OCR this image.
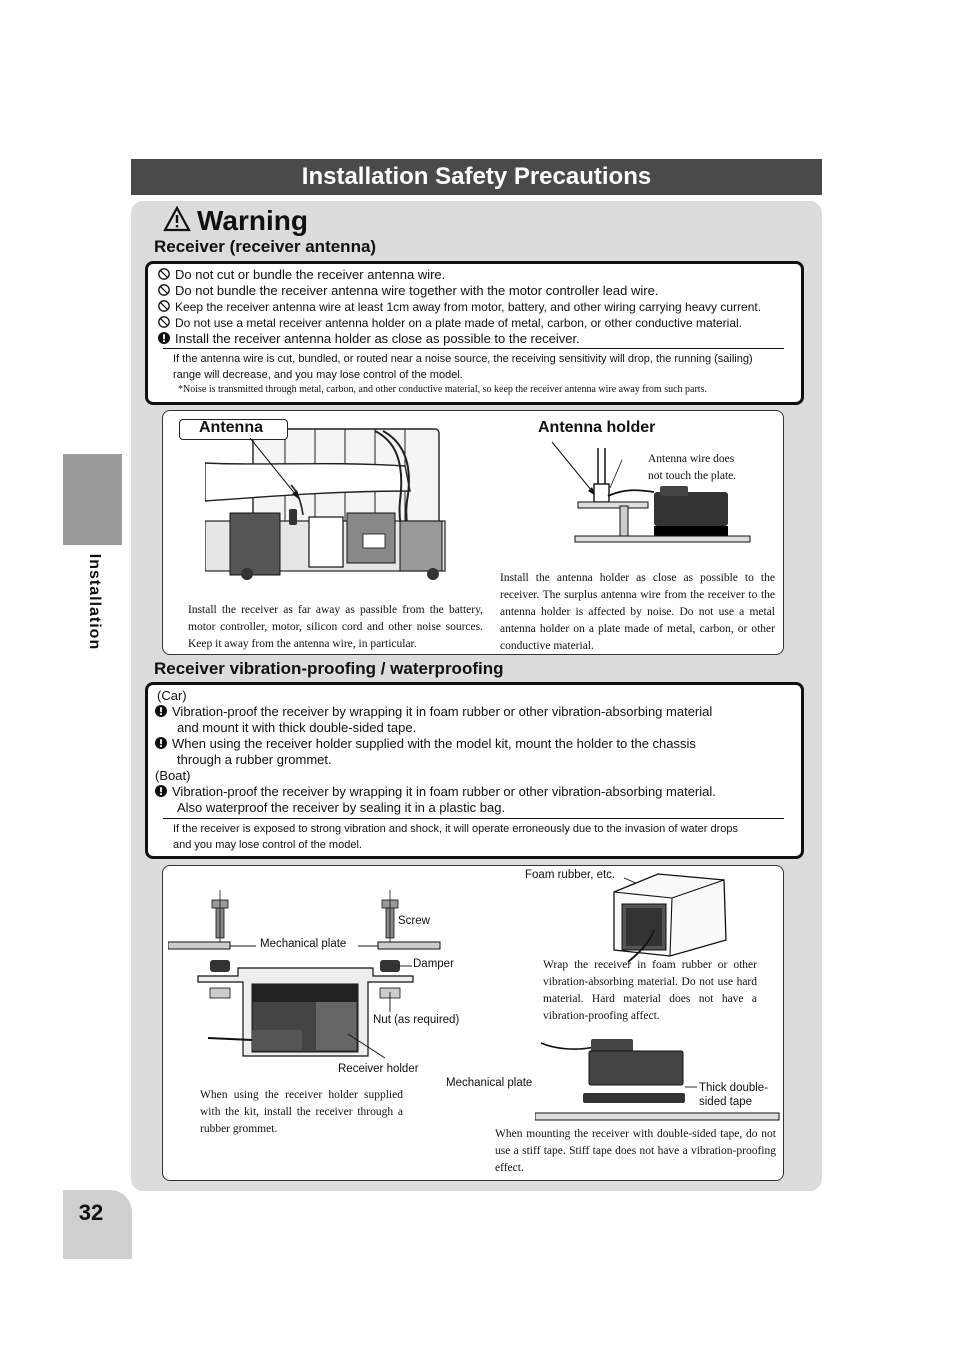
Installation Safety Precautions
Installation
Warning
Receiver (receiver antenna)
Do not cut or bundle the receiver antenna wire.
Do not bundle the receiver antenna wire together with the motor controller lead wire.
Keep the receiver antenna wire at least 1cm away from motor, battery, and other wiring carrying heavy current.
Do not use a metal receiver antenna holder on a plate made of metal, carbon, or other conductive material.
Install the receiver antenna holder as close as possible to the receiver.
If the antenna wire is cut, bundled, or routed near a noise source, the receiving sensitivity will drop, the running (sailing)
range will decrease, and you may lose control of the model.
*Noise is transmitted through metal, carbon, and other conductive material, so keep the receiver antenna wire away from such parts.
Antenna
Install the receiver as far away as passible from the battery, motor controller, motor, silicon cord and other noise sources. Keep it away from the antenna wire, in particular.
Antenna holder
Antenna wire does not touch the plate.
Install the antenna holder as close as possible to the receiver. The surplus antenna wire from the receiver to the antenna holder is affected by noise. Do not use a metal antenna holder on a plate made of metal, carbon, or other conductive material.
Receiver vibration-proofing / waterproofing
(Car)
Vibration-proof the receiver by wrapping it in foam rubber or other vibration-absorbing material
and mount it with thick double-sided tape.
When using the receiver holder supplied with the model kit, mount the holder to the chassis
through a rubber grommet.
(Boat)
Vibration-proof the receiver by wrapping it in foam rubber or other vibration-absorbing material.
Also waterproof the receiver by sealing it in a plastic bag.
If the receiver is exposed to strong vibration and shock, it will operate erroneously due to the invasion of water drops
and you may lose control of the model.
Futaba
R604FS	Screw
Mechanical plate
Damper
Nut (as required)
Receiver holder
When using the receiver holder supplied with the kit, install the receiver through a rubber grommet.
Foam rubber, etc.
Wrap the receiver in foam rubber or other vibration-absorbing material. Do not use hard material. Hard material does not have a vibration-proofing affect.
Mechanical plate	Thick double-
sided tape
When mounting the receiver with double-sided tape, do not use a stiff tape. Stiff tape does not have a vibration-proofing effect.
32
